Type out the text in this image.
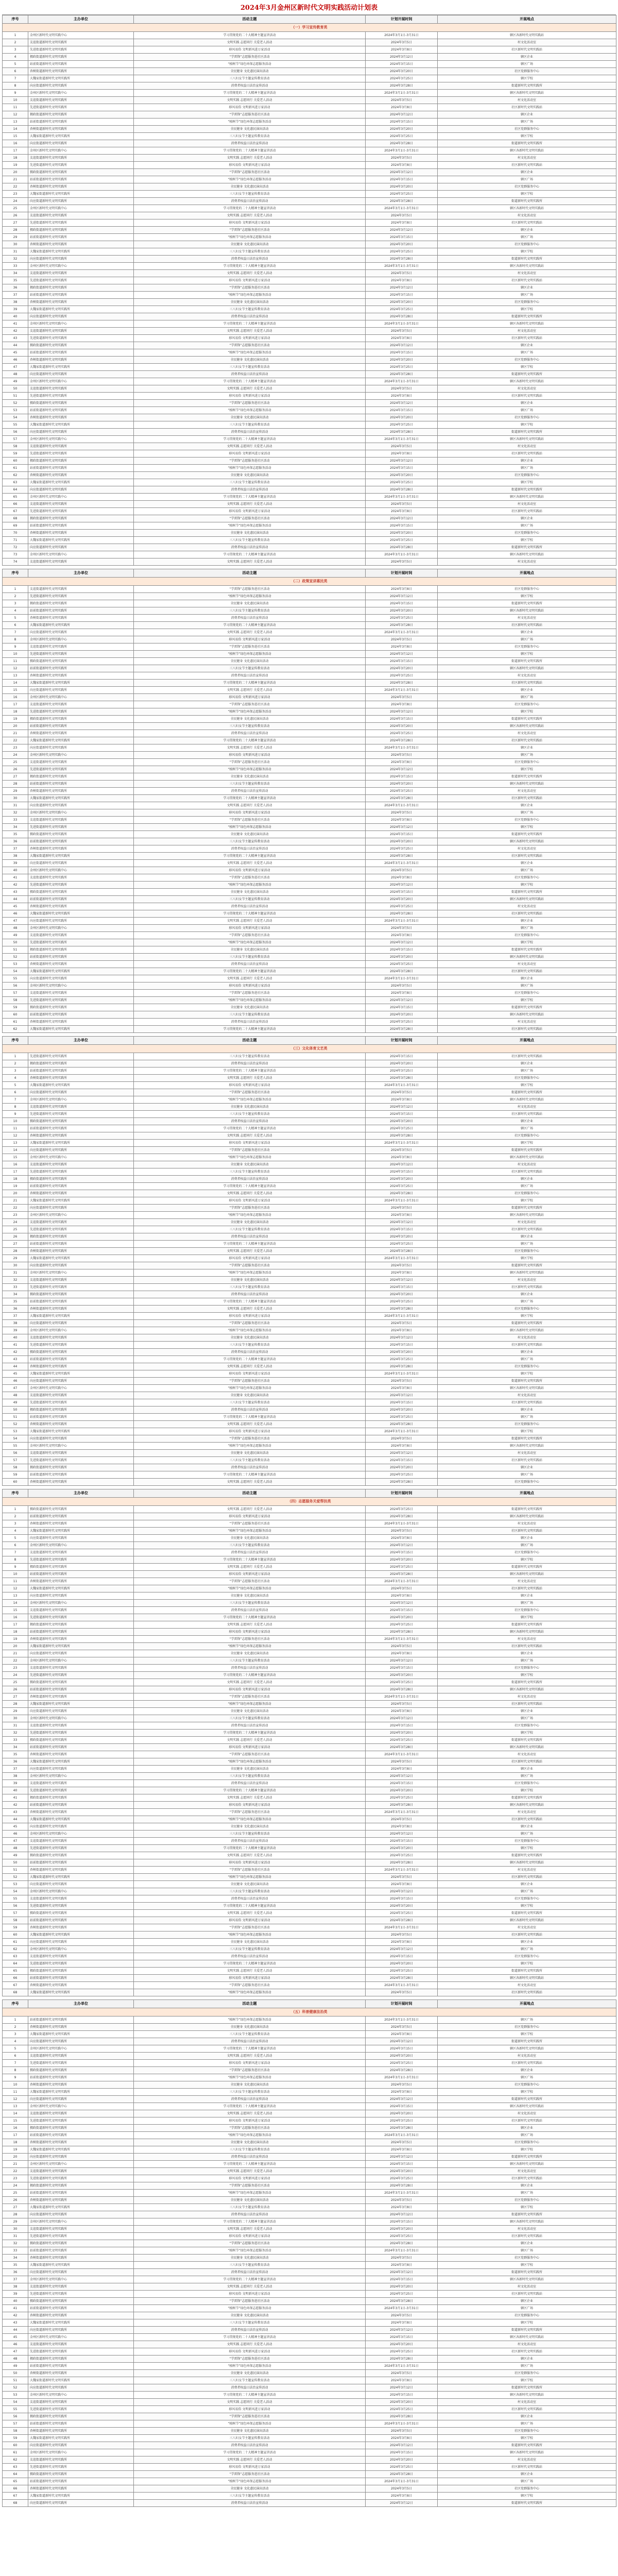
2024年3月金州区新时代文明实践活动计划表
序号	主办单位	活动主题	计划开展时间	开展地点
（一）学习宣传教育类				
1	金州区新时代文明实践中心	学习贯彻党的二十大精神主题宣讲活动	2024年3月1日-3月31日	辖区各新时代文明实践站
2	友谊街道新时代文明实践所	文明实践 志愿同行 关爱老人活动	2024年3月5日	村文化活动室
3	先进街道新时代文明实践所	移风易俗 文明新风进万家活动	2024年3月8日	社区新时代文明实践站
4	拥政街道新时代文明实践所	“学雷锋”志愿服务进社区活动	2024年3月12日	辖区企业
5	站前街道新时代文明实践所	“植树节”绿色环保志愿服务活动	2024年3月15日	辖区广场
6	杏树街道新时代文明实践所	全民健身 文化惠民演出活动	2024年3月20日	社区党群服务中心
7	大魏家街道新时代文明实践所	三八妇女节主题宣传教育活动	2024年3月25日	辖区学校
8	向应街道新时代文明实践所	消费者权益日法治宣传活动	2024年3月28日	街道新时代文明实践所
9	金州区新时代文明实践中心	学习贯彻党的二十大精神主题宣讲活动	2024年3月1日-3月31日	辖区各新时代文明实践站
10	友谊街道新时代文明实践所	文明实践 志愿同行 关爱老人活动	2024年3月5日	村文化活动室
11	先进街道新时代文明实践所	移风易俗 文明新风进万家活动	2024年3月8日	社区新时代文明实践站
12	拥政街道新时代文明实践所	“学雷锋”志愿服务进社区活动	2024年3月12日	辖区企业
13	站前街道新时代文明实践所	“植树节”绿色环保志愿服务活动	2024年3月15日	辖区广场
14	杏树街道新时代文明实践所	全民健身 文化惠民演出活动	2024年3月20日	社区党群服务中心
15	大魏家街道新时代文明实践所	三八妇女节主题宣传教育活动	2024年3月25日	辖区学校
16	向应街道新时代文明实践所	消费者权益日法治宣传活动	2024年3月28日	街道新时代文明实践所
17	金州区新时代文明实践中心	学习贯彻党的二十大精神主题宣讲活动	2024年3月1日-3月31日	辖区各新时代文明实践站
18	友谊街道新时代文明实践所	文明实践 志愿同行 关爱老人活动	2024年3月5日	村文化活动室
19	先进街道新时代文明实践所	移风易俗 文明新风进万家活动	2024年3月8日	社区新时代文明实践站
20	拥政街道新时代文明实践所	“学雷锋”志愿服务进社区活动	2024年3月12日	辖区企业
21	站前街道新时代文明实践所	“植树节”绿色环保志愿服务活动	2024年3月15日	辖区广场
22	杏树街道新时代文明实践所	全民健身 文化惠民演出活动	2024年3月20日	社区党群服务中心
23	大魏家街道新时代文明实践所	三八妇女节主题宣传教育活动	2024年3月25日	辖区学校
24	向应街道新时代文明实践所	消费者权益日法治宣传活动	2024年3月28日	街道新时代文明实践所
25	金州区新时代文明实践中心	学习贯彻党的二十大精神主题宣讲活动	2024年3月1日-3月31日	辖区各新时代文明实践站
26	友谊街道新时代文明实践所	文明实践 志愿同行 关爱老人活动	2024年3月5日	村文化活动室
27	先进街道新时代文明实践所	移风易俗 文明新风进万家活动	2024年3月8日	社区新时代文明实践站
28	拥政街道新时代文明实践所	“学雷锋”志愿服务进社区活动	2024年3月12日	辖区企业
29	站前街道新时代文明实践所	“植树节”绿色环保志愿服务活动	2024年3月15日	辖区广场
30	杏树街道新时代文明实践所	全民健身 文化惠民演出活动	2024年3月20日	社区党群服务中心
31	大魏家街道新时代文明实践所	三八妇女节主题宣传教育活动	2024年3月25日	辖区学校
32	向应街道新时代文明实践所	消费者权益日法治宣传活动	2024年3月28日	街道新时代文明实践所
33	金州区新时代文明实践中心	学习贯彻党的二十大精神主题宣讲活动	2024年3月1日-3月31日	辖区各新时代文明实践站
34	友谊街道新时代文明实践所	文明实践 志愿同行 关爱老人活动	2024年3月5日	村文化活动室
35	先进街道新时代文明实践所	移风易俗 文明新风进万家活动	2024年3月8日	社区新时代文明实践站
36	拥政街道新时代文明实践所	“学雷锋”志愿服务进社区活动	2024年3月12日	辖区企业
37	站前街道新时代文明实践所	“植树节”绿色环保志愿服务活动	2024年3月15日	辖区广场
38	杏树街道新时代文明实践所	全民健身 文化惠民演出活动	2024年3月20日	社区党群服务中心
39	大魏家街道新时代文明实践所	三八妇女节主题宣传教育活动	2024年3月25日	辖区学校
40	向应街道新时代文明实践所	消费者权益日法治宣传活动	2024年3月28日	街道新时代文明实践所
41	金州区新时代文明实践中心	学习贯彻党的二十大精神主题宣讲活动	2024年3月1日-3月31日	辖区各新时代文明实践站
42	友谊街道新时代文明实践所	文明实践 志愿同行 关爱老人活动	2024年3月5日	村文化活动室
43	先进街道新时代文明实践所	移风易俗 文明新风进万家活动	2024年3月8日	社区新时代文明实践站
44	拥政街道新时代文明实践所	“学雷锋”志愿服务进社区活动	2024年3月12日	辖区企业
45	站前街道新时代文明实践所	“植树节”绿色环保志愿服务活动	2024年3月15日	辖区广场
46	杏树街道新时代文明实践所	全民健身 文化惠民演出活动	2024年3月20日	社区党群服务中心
47	大魏家街道新时代文明实践所	三八妇女节主题宣传教育活动	2024年3月25日	辖区学校
48	向应街道新时代文明实践所	消费者权益日法治宣传活动	2024年3月28日	街道新时代文明实践所
49	金州区新时代文明实践中心	学习贯彻党的二十大精神主题宣讲活动	2024年3月1日-3月31日	辖区各新时代文明实践站
50	友谊街道新时代文明实践所	文明实践 志愿同行 关爱老人活动	2024年3月5日	村文化活动室
51	先进街道新时代文明实践所	移风易俗 文明新风进万家活动	2024年3月8日	社区新时代文明实践站
52	拥政街道新时代文明实践所	“学雷锋”志愿服务进社区活动	2024年3月12日	辖区企业
53	站前街道新时代文明实践所	“植树节”绿色环保志愿服务活动	2024年3月15日	辖区广场
54	杏树街道新时代文明实践所	全民健身 文化惠民演出活动	2024年3月20日	社区党群服务中心
55	大魏家街道新时代文明实践所	三八妇女节主题宣传教育活动	2024年3月25日	辖区学校
56	向应街道新时代文明实践所	消费者权益日法治宣传活动	2024年3月28日	街道新时代文明实践所
57	金州区新时代文明实践中心	学习贯彻党的二十大精神主题宣讲活动	2024年3月1日-3月31日	辖区各新时代文明实践站
58	友谊街道新时代文明实践所	文明实践 志愿同行 关爱老人活动	2024年3月5日	村文化活动室
59	先进街道新时代文明实践所	移风易俗 文明新风进万家活动	2024年3月8日	社区新时代文明实践站
60	拥政街道新时代文明实践所	“学雷锋”志愿服务进社区活动	2024年3月12日	辖区企业
61	站前街道新时代文明实践所	“植树节”绿色环保志愿服务活动	2024年3月15日	辖区广场
62	杏树街道新时代文明实践所	全民健身 文化惠民演出活动	2024年3月20日	社区党群服务中心
63	大魏家街道新时代文明实践所	三八妇女节主题宣传教育活动	2024年3月25日	辖区学校
64	向应街道新时代文明实践所	消费者权益日法治宣传活动	2024年3月28日	街道新时代文明实践所
65	金州区新时代文明实践中心	学习贯彻党的二十大精神主题宣讲活动	2024年3月1日-3月31日	辖区各新时代文明实践站
66	友谊街道新时代文明实践所	文明实践 志愿同行 关爱老人活动	2024年3月5日	村文化活动室
67	先进街道新时代文明实践所	移风易俗 文明新风进万家活动	2024年3月8日	社区新时代文明实践站
68	拥政街道新时代文明实践所	“学雷锋”志愿服务进社区活动	2024年3月12日	辖区企业
69	站前街道新时代文明实践所	“植树节”绿色环保志愿服务活动	2024年3月15日	辖区广场
70	杏树街道新时代文明实践所	全民健身 文化惠民演出活动	2024年3月20日	社区党群服务中心
71	大魏家街道新时代文明实践所	三八妇女节主题宣传教育活动	2024年3月25日	辖区学校
72	向应街道新时代文明实践所	消费者权益日法治宣传活动	2024年3月28日	街道新时代文明实践所
73	金州区新时代文明实践中心	学习贯彻党的二十大精神主题宣讲活动	2024年3月1日-3月31日	辖区各新时代文明实践站
74	友谊街道新时代文明实践所	文明实践 志愿同行 关爱老人活动	2024年3月5日	村文化活动室
序号	主办单位	活动主题	计划开展时间	开展地点
（二）政策宣讲惠民类				
1	友谊街道新时代文明实践所	“学雷锋”志愿服务进社区活动	2024年3月8日	社区党群服务中心
2	先进街道新时代文明实践所	“植树节”绿色环保志愿服务活动	2024年3月12日	辖区学校
3	拥政街道新时代文明实践所	全民健身 文化惠民演出活动	2024年3月15日	街道新时代文明实践所
4	站前街道新时代文明实践所	三八妇女节主题宣传教育活动	2024年3月20日	辖区各新时代文明实践站
5	杏树街道新时代文明实践所	消费者权益日法治宣传活动	2024年3月25日	村文化活动室
6	大魏家街道新时代文明实践所	学习贯彻党的二十大精神主题宣讲活动	2024年3月28日	社区新时代文明实践站
7	向应街道新时代文明实践所	文明实践 志愿同行 关爱老人活动	2024年3月1日-3月31日	辖区企业
8	金州区新时代文明实践中心	移风易俗 文明新风进万家活动	2024年3月5日	辖区广场
9	友谊街道新时代文明实践所	“学雷锋”志愿服务进社区活动	2024年3月8日	社区党群服务中心
10	先进街道新时代文明实践所	“植树节”绿色环保志愿服务活动	2024年3月12日	辖区学校
11	拥政街道新时代文明实践所	全民健身 文化惠民演出活动	2024年3月15日	街道新时代文明实践所
12	站前街道新时代文明实践所	三八妇女节主题宣传教育活动	2024年3月20日	辖区各新时代文明实践站
13	杏树街道新时代文明实践所	消费者权益日法治宣传活动	2024年3月25日	村文化活动室
14	大魏家街道新时代文明实践所	学习贯彻党的二十大精神主题宣讲活动	2024年3月28日	社区新时代文明实践站
15	向应街道新时代文明实践所	文明实践 志愿同行 关爱老人活动	2024年3月1日-3月31日	辖区企业
16	金州区新时代文明实践中心	移风易俗 文明新风进万家活动	2024年3月5日	辖区广场
17	友谊街道新时代文明实践所	“学雷锋”志愿服务进社区活动	2024年3月8日	社区党群服务中心
18	先进街道新时代文明实践所	“植树节”绿色环保志愿服务活动	2024年3月12日	辖区学校
19	拥政街道新时代文明实践所	全民健身 文化惠民演出活动	2024年3月15日	街道新时代文明实践所
20	站前街道新时代文明实践所	三八妇女节主题宣传教育活动	2024年3月20日	辖区各新时代文明实践站
21	杏树街道新时代文明实践所	消费者权益日法治宣传活动	2024年3月25日	村文化活动室
22	大魏家街道新时代文明实践所	学习贯彻党的二十大精神主题宣讲活动	2024年3月28日	社区新时代文明实践站
23	向应街道新时代文明实践所	文明实践 志愿同行 关爱老人活动	2024年3月1日-3月31日	辖区企业
24	金州区新时代文明实践中心	移风易俗 文明新风进万家活动	2024年3月5日	辖区广场
25	友谊街道新时代文明实践所	“学雷锋”志愿服务进社区活动	2024年3月8日	社区党群服务中心
26	先进街道新时代文明实践所	“植树节”绿色环保志愿服务活动	2024年3月12日	辖区学校
27	拥政街道新时代文明实践所	全民健身 文化惠民演出活动	2024年3月15日	街道新时代文明实践所
28	站前街道新时代文明实践所	三八妇女节主题宣传教育活动	2024年3月20日	辖区各新时代文明实践站
29	杏树街道新时代文明实践所	消费者权益日法治宣传活动	2024年3月25日	村文化活动室
30	大魏家街道新时代文明实践所	学习贯彻党的二十大精神主题宣讲活动	2024年3月28日	社区新时代文明实践站
31	向应街道新时代文明实践所	文明实践 志愿同行 关爱老人活动	2024年3月1日-3月31日	辖区企业
32	金州区新时代文明实践中心	移风易俗 文明新风进万家活动	2024年3月5日	辖区广场
33	友谊街道新时代文明实践所	“学雷锋”志愿服务进社区活动	2024年3月8日	社区党群服务中心
34	先进街道新时代文明实践所	“植树节”绿色环保志愿服务活动	2024年3月12日	辖区学校
35	拥政街道新时代文明实践所	全民健身 文化惠民演出活动	2024年3月15日	街道新时代文明实践所
36	站前街道新时代文明实践所	三八妇女节主题宣传教育活动	2024年3月20日	辖区各新时代文明实践站
37	杏树街道新时代文明实践所	消费者权益日法治宣传活动	2024年3月25日	村文化活动室
38	大魏家街道新时代文明实践所	学习贯彻党的二十大精神主题宣讲活动	2024年3月28日	社区新时代文明实践站
39	向应街道新时代文明实践所	文明实践 志愿同行 关爱老人活动	2024年3月1日-3月31日	辖区企业
40	金州区新时代文明实践中心	移风易俗 文明新风进万家活动	2024年3月5日	辖区广场
41	友谊街道新时代文明实践所	“学雷锋”志愿服务进社区活动	2024年3月8日	社区党群服务中心
42	先进街道新时代文明实践所	“植树节”绿色环保志愿服务活动	2024年3月12日	辖区学校
43	拥政街道新时代文明实践所	全民健身 文化惠民演出活动	2024年3月15日	街道新时代文明实践所
44	站前街道新时代文明实践所	三八妇女节主题宣传教育活动	2024年3月20日	辖区各新时代文明实践站
45	杏树街道新时代文明实践所	消费者权益日法治宣传活动	2024年3月25日	村文化活动室
46	大魏家街道新时代文明实践所	学习贯彻党的二十大精神主题宣讲活动	2024年3月28日	社区新时代文明实践站
47	向应街道新时代文明实践所	文明实践 志愿同行 关爱老人活动	2024年3月1日-3月31日	辖区企业
48	金州区新时代文明实践中心	移风易俗 文明新风进万家活动	2024年3月5日	辖区广场
49	友谊街道新时代文明实践所	“学雷锋”志愿服务进社区活动	2024年3月8日	社区党群服务中心
50	先进街道新时代文明实践所	“植树节”绿色环保志愿服务活动	2024年3月12日	辖区学校
51	拥政街道新时代文明实践所	全民健身 文化惠民演出活动	2024年3月15日	街道新时代文明实践所
52	站前街道新时代文明实践所	三八妇女节主题宣传教育活动	2024年3月20日	辖区各新时代文明实践站
53	杏树街道新时代文明实践所	消费者权益日法治宣传活动	2024年3月25日	村文化活动室
54	大魏家街道新时代文明实践所	学习贯彻党的二十大精神主题宣讲活动	2024年3月28日	社区新时代文明实践站
55	向应街道新时代文明实践所	文明实践 志愿同行 关爱老人活动	2024年3月1日-3月31日	辖区企业
56	金州区新时代文明实践中心	移风易俗 文明新风进万家活动	2024年3月5日	辖区广场
57	友谊街道新时代文明实践所	“学雷锋”志愿服务进社区活动	2024年3月8日	社区党群服务中心
58	先进街道新时代文明实践所	“植树节”绿色环保志愿服务活动	2024年3月12日	辖区学校
59	拥政街道新时代文明实践所	全民健身 文化惠民演出活动	2024年3月15日	街道新时代文明实践所
60	站前街道新时代文明实践所	三八妇女节主题宣传教育活动	2024年3月20日	辖区各新时代文明实践站
61	杏树街道新时代文明实践所	消费者权益日法治宣传活动	2024年3月25日	村文化活动室
62	大魏家街道新时代文明实践所	学习贯彻党的二十大精神主题宣讲活动	2024年3月28日	社区新时代文明实践站
序号	主办单位	活动主题	计划开展时间	开展地点
（三）文化体育文艺类				
1	先进街道新时代文明实践所	三八妇女节主题宣传教育活动	2024年3月15日	社区新时代文明实践站
2	拥政街道新时代文明实践所	消费者权益日法治宣传活动	2024年3月20日	辖区企业
3	站前街道新时代文明实践所	学习贯彻党的二十大精神主题宣讲活动	2024年3月25日	辖区广场
4	杏树街道新时代文明实践所	文明实践 志愿同行 关爱老人活动	2024年3月28日	社区党群服务中心
5	大魏家街道新时代文明实践所	移风易俗 文明新风进万家活动	2024年3月1日-3月31日	辖区学校
6	向应街道新时代文明实践所	“学雷锋”志愿服务进社区活动	2024年3月5日	街道新时代文明实践所
7	金州区新时代文明实践中心	“植树节”绿色环保志愿服务活动	2024年3月8日	辖区各新时代文明实践站
8	友谊街道新时代文明实践所	全民健身 文化惠民演出活动	2024年3月12日	村文化活动室
9	先进街道新时代文明实践所	三八妇女节主题宣传教育活动	2024年3月15日	社区新时代文明实践站
10	拥政街道新时代文明实践所	消费者权益日法治宣传活动	2024年3月20日	辖区企业
11	站前街道新时代文明实践所	学习贯彻党的二十大精神主题宣讲活动	2024年3月25日	辖区广场
12	杏树街道新时代文明实践所	文明实践 志愿同行 关爱老人活动	2024年3月28日	社区党群服务中心
13	大魏家街道新时代文明实践所	移风易俗 文明新风进万家活动	2024年3月1日-3月31日	辖区学校
14	向应街道新时代文明实践所	“学雷锋”志愿服务进社区活动	2024年3月5日	街道新时代文明实践所
15	金州区新时代文明实践中心	“植树节”绿色环保志愿服务活动	2024年3月8日	辖区各新时代文明实践站
16	友谊街道新时代文明实践所	全民健身 文化惠民演出活动	2024年3月12日	村文化活动室
17	先进街道新时代文明实践所	三八妇女节主题宣传教育活动	2024年3月15日	社区新时代文明实践站
18	拥政街道新时代文明实践所	消费者权益日法治宣传活动	2024年3月20日	辖区企业
19	站前街道新时代文明实践所	学习贯彻党的二十大精神主题宣讲活动	2024年3月25日	辖区广场
20	杏树街道新时代文明实践所	文明实践 志愿同行 关爱老人活动	2024年3月28日	社区党群服务中心
21	大魏家街道新时代文明实践所	移风易俗 文明新风进万家活动	2024年3月1日-3月31日	辖区学校
22	向应街道新时代文明实践所	“学雷锋”志愿服务进社区活动	2024年3月5日	街道新时代文明实践所
23	金州区新时代文明实践中心	“植树节”绿色环保志愿服务活动	2024年3月8日	辖区各新时代文明实践站
24	友谊街道新时代文明实践所	全民健身 文化惠民演出活动	2024年3月12日	村文化活动室
25	先进街道新时代文明实践所	三八妇女节主题宣传教育活动	2024年3月15日	社区新时代文明实践站
26	拥政街道新时代文明实践所	消费者权益日法治宣传活动	2024年3月20日	辖区企业
27	站前街道新时代文明实践所	学习贯彻党的二十大精神主题宣讲活动	2024年3月25日	辖区广场
28	杏树街道新时代文明实践所	文明实践 志愿同行 关爱老人活动	2024年3月28日	社区党群服务中心
29	大魏家街道新时代文明实践所	移风易俗 文明新风进万家活动	2024年3月1日-3月31日	辖区学校
30	向应街道新时代文明实践所	“学雷锋”志愿服务进社区活动	2024年3月5日	街道新时代文明实践所
31	金州区新时代文明实践中心	“植树节”绿色环保志愿服务活动	2024年3月8日	辖区各新时代文明实践站
32	友谊街道新时代文明实践所	全民健身 文化惠民演出活动	2024年3月12日	村文化活动室
33	先进街道新时代文明实践所	三八妇女节主题宣传教育活动	2024年3月15日	社区新时代文明实践站
34	拥政街道新时代文明实践所	消费者权益日法治宣传活动	2024年3月20日	辖区企业
35	站前街道新时代文明实践所	学习贯彻党的二十大精神主题宣讲活动	2024年3月25日	辖区广场
36	杏树街道新时代文明实践所	文明实践 志愿同行 关爱老人活动	2024年3月28日	社区党群服务中心
37	大魏家街道新时代文明实践所	移风易俗 文明新风进万家活动	2024年3月1日-3月31日	辖区学校
38	向应街道新时代文明实践所	“学雷锋”志愿服务进社区活动	2024年3月5日	街道新时代文明实践所
39	金州区新时代文明实践中心	“植树节”绿色环保志愿服务活动	2024年3月8日	辖区各新时代文明实践站
40	友谊街道新时代文明实践所	全民健身 文化惠民演出活动	2024年3月12日	村文化活动室
41	先进街道新时代文明实践所	三八妇女节主题宣传教育活动	2024年3月15日	社区新时代文明实践站
42	拥政街道新时代文明实践所	消费者权益日法治宣传活动	2024年3月20日	辖区企业
43	站前街道新时代文明实践所	学习贯彻党的二十大精神主题宣讲活动	2024年3月25日	辖区广场
44	杏树街道新时代文明实践所	文明实践 志愿同行 关爱老人活动	2024年3月28日	社区党群服务中心
45	大魏家街道新时代文明实践所	移风易俗 文明新风进万家活动	2024年3月1日-3月31日	辖区学校
46	向应街道新时代文明实践所	“学雷锋”志愿服务进社区活动	2024年3月5日	街道新时代文明实践所
47	金州区新时代文明实践中心	“植树节”绿色环保志愿服务活动	2024年3月8日	辖区各新时代文明实践站
48	友谊街道新时代文明实践所	全民健身 文化惠民演出活动	2024年3月12日	村文化活动室
49	先进街道新时代文明实践所	三八妇女节主题宣传教育活动	2024年3月15日	社区新时代文明实践站
50	拥政街道新时代文明实践所	消费者权益日法治宣传活动	2024年3月20日	辖区企业
51	站前街道新时代文明实践所	学习贯彻党的二十大精神主题宣讲活动	2024年3月25日	辖区广场
52	杏树街道新时代文明实践所	文明实践 志愿同行 关爱老人活动	2024年3月28日	社区党群服务中心
53	大魏家街道新时代文明实践所	移风易俗 文明新风进万家活动	2024年3月1日-3月31日	辖区学校
54	向应街道新时代文明实践所	“学雷锋”志愿服务进社区活动	2024年3月5日	街道新时代文明实践所
55	金州区新时代文明实践中心	“植树节”绿色环保志愿服务活动	2024年3月8日	辖区各新时代文明实践站
56	友谊街道新时代文明实践所	全民健身 文化惠民演出活动	2024年3月12日	村文化活动室
57	先进街道新时代文明实践所	三八妇女节主题宣传教育活动	2024年3月15日	社区新时代文明实践站
58	拥政街道新时代文明实践所	消费者权益日法治宣传活动	2024年3月20日	辖区企业
59	站前街道新时代文明实践所	学习贯彻党的二十大精神主题宣讲活动	2024年3月25日	辖区广场
60	杏树街道新时代文明实践所	文明实践 志愿同行 关爱老人活动	2024年3月28日	社区党群服务中心
序号	主办单位	活动主题	计划开展时间	开展地点
（四）志愿服务关爱帮扶类				
1	拥政街道新时代文明实践所	文明实践 志愿同行 关爱老人活动	2024年3月25日	街道新时代文明实践所
2	站前街道新时代文明实践所	移风易俗 文明新风进万家活动	2024年3月28日	辖区各新时代文明实践站
3	杏树街道新时代文明实践所	“学雷锋”志愿服务进社区活动	2024年3月1日-3月31日	村文化活动室
4	大魏家街道新时代文明实践所	“植树节”绿色环保志愿服务活动	2024年3月5日	社区新时代文明实践站
5	向应街道新时代文明实践所	全民健身 文化惠民演出活动	2024年3月8日	辖区企业
6	金州区新时代文明实践中心	三八妇女节主题宣传教育活动	2024年3月12日	辖区广场
7	友谊街道新时代文明实践所	消费者权益日法治宣传活动	2024年3月15日	社区党群服务中心
8	先进街道新时代文明实践所	学习贯彻党的二十大精神主题宣讲活动	2024年3月20日	辖区学校
9	拥政街道新时代文明实践所	文明实践 志愿同行 关爱老人活动	2024年3月25日	街道新时代文明实践所
10	站前街道新时代文明实践所	移风易俗 文明新风进万家活动	2024年3月28日	辖区各新时代文明实践站
11	杏树街道新时代文明实践所	“学雷锋”志愿服务进社区活动	2024年3月1日-3月31日	村文化活动室
12	大魏家街道新时代文明实践所	“植树节”绿色环保志愿服务活动	2024年3月5日	社区新时代文明实践站
13	向应街道新时代文明实践所	全民健身 文化惠民演出活动	2024年3月8日	辖区企业
14	金州区新时代文明实践中心	三八妇女节主题宣传教育活动	2024年3月12日	辖区广场
15	友谊街道新时代文明实践所	消费者权益日法治宣传活动	2024年3月15日	社区党群服务中心
16	先进街道新时代文明实践所	学习贯彻党的二十大精神主题宣讲活动	2024年3月20日	辖区学校
17	拥政街道新时代文明实践所	文明实践 志愿同行 关爱老人活动	2024年3月25日	街道新时代文明实践所
18	站前街道新时代文明实践所	移风易俗 文明新风进万家活动	2024年3月28日	辖区各新时代文明实践站
19	杏树街道新时代文明实践所	“学雷锋”志愿服务进社区活动	2024年3月1日-3月31日	村文化活动室
20	大魏家街道新时代文明实践所	“植树节”绿色环保志愿服务活动	2024年3月5日	社区新时代文明实践站
21	向应街道新时代文明实践所	全民健身 文化惠民演出活动	2024年3月8日	辖区企业
22	金州区新时代文明实践中心	三八妇女节主题宣传教育活动	2024年3月12日	辖区广场
23	友谊街道新时代文明实践所	消费者权益日法治宣传活动	2024年3月15日	社区党群服务中心
24	先进街道新时代文明实践所	学习贯彻党的二十大精神主题宣讲活动	2024年3月20日	辖区学校
25	拥政街道新时代文明实践所	文明实践 志愿同行 关爱老人活动	2024年3月25日	街道新时代文明实践所
26	站前街道新时代文明实践所	移风易俗 文明新风进万家活动	2024年3月28日	辖区各新时代文明实践站
27	杏树街道新时代文明实践所	“学雷锋”志愿服务进社区活动	2024年3月1日-3月31日	村文化活动室
28	大魏家街道新时代文明实践所	“植树节”绿色环保志愿服务活动	2024年3月5日	社区新时代文明实践站
29	向应街道新时代文明实践所	全民健身 文化惠民演出活动	2024年3月8日	辖区企业
30	金州区新时代文明实践中心	三八妇女节主题宣传教育活动	2024年3月12日	辖区广场
31	友谊街道新时代文明实践所	消费者权益日法治宣传活动	2024年3月15日	社区党群服务中心
32	先进街道新时代文明实践所	学习贯彻党的二十大精神主题宣讲活动	2024年3月20日	辖区学校
33	拥政街道新时代文明实践所	文明实践 志愿同行 关爱老人活动	2024年3月25日	街道新时代文明实践所
34	站前街道新时代文明实践所	移风易俗 文明新风进万家活动	2024年3月28日	辖区各新时代文明实践站
35	杏树街道新时代文明实践所	“学雷锋”志愿服务进社区活动	2024年3月1日-3月31日	村文化活动室
36	大魏家街道新时代文明实践所	“植树节”绿色环保志愿服务活动	2024年3月5日	社区新时代文明实践站
37	向应街道新时代文明实践所	全民健身 文化惠民演出活动	2024年3月8日	辖区企业
38	金州区新时代文明实践中心	三八妇女节主题宣传教育活动	2024年3月12日	辖区广场
39	友谊街道新时代文明实践所	消费者权益日法治宣传活动	2024年3月15日	社区党群服务中心
40	先进街道新时代文明实践所	学习贯彻党的二十大精神主题宣讲活动	2024年3月20日	辖区学校
41	拥政街道新时代文明实践所	文明实践 志愿同行 关爱老人活动	2024年3月25日	街道新时代文明实践所
42	站前街道新时代文明实践所	移风易俗 文明新风进万家活动	2024年3月28日	辖区各新时代文明实践站
43	杏树街道新时代文明实践所	“学雷锋”志愿服务进社区活动	2024年3月1日-3月31日	村文化活动室
44	大魏家街道新时代文明实践所	“植树节”绿色环保志愿服务活动	2024年3月5日	社区新时代文明实践站
45	向应街道新时代文明实践所	全民健身 文化惠民演出活动	2024年3月8日	辖区企业
46	金州区新时代文明实践中心	三八妇女节主题宣传教育活动	2024年3月12日	辖区广场
47	友谊街道新时代文明实践所	消费者权益日法治宣传活动	2024年3月15日	社区党群服务中心
48	先进街道新时代文明实践所	学习贯彻党的二十大精神主题宣讲活动	2024年3月20日	辖区学校
49	拥政街道新时代文明实践所	文明实践 志愿同行 关爱老人活动	2024年3月25日	街道新时代文明实践所
50	站前街道新时代文明实践所	移风易俗 文明新风进万家活动	2024年3月28日	辖区各新时代文明实践站
51	杏树街道新时代文明实践所	“学雷锋”志愿服务进社区活动	2024年3月1日-3月31日	村文化活动室
52	大魏家街道新时代文明实践所	“植树节”绿色环保志愿服务活动	2024年3月5日	社区新时代文明实践站
53	向应街道新时代文明实践所	全民健身 文化惠民演出活动	2024年3月8日	辖区企业
54	金州区新时代文明实践中心	三八妇女节主题宣传教育活动	2024年3月12日	辖区广场
55	友谊街道新时代文明实践所	消费者权益日法治宣传活动	2024年3月15日	社区党群服务中心
56	先进街道新时代文明实践所	学习贯彻党的二十大精神主题宣讲活动	2024年3月20日	辖区学校
57	拥政街道新时代文明实践所	文明实践 志愿同行 关爱老人活动	2024年3月25日	街道新时代文明实践所
58	站前街道新时代文明实践所	移风易俗 文明新风进万家活动	2024年3月28日	辖区各新时代文明实践站
59	杏树街道新时代文明实践所	“学雷锋”志愿服务进社区活动	2024年3月1日-3月31日	村文化活动室
60	大魏家街道新时代文明实践所	“植树节”绿色环保志愿服务活动	2024年3月5日	社区新时代文明实践站
61	向应街道新时代文明实践所	全民健身 文化惠民演出活动	2024年3月8日	辖区企业
62	金州区新时代文明实践中心	三八妇女节主题宣传教育活动	2024年3月12日	辖区广场
63	友谊街道新时代文明实践所	消费者权益日法治宣传活动	2024年3月15日	社区党群服务中心
64	先进街道新时代文明实践所	学习贯彻党的二十大精神主题宣讲活动	2024年3月20日	辖区学校
65	拥政街道新时代文明实践所	文明实践 志愿同行 关爱老人活动	2024年3月25日	街道新时代文明实践所
66	站前街道新时代文明实践所	移风易俗 文明新风进万家活动	2024年3月28日	辖区各新时代文明实践站
67	杏树街道新时代文明实践所	“学雷锋”志愿服务进社区活动	2024年3月1日-3月31日	村文化活动室
68	大魏家街道新时代文明实践所	“植树节”绿色环保志愿服务活动	2024年3月5日	社区新时代文明实践站
序号	主办单位	活动主题	计划开展时间	开展地点
（五）科普健康法治类				
1	站前街道新时代文明实践所	“植树节”绿色环保志愿服务活动	2024年3月1日-3月31日	辖区广场
2	杏树街道新时代文明实践所	全民健身 文化惠民演出活动	2024年3月5日	社区党群服务中心
3	大魏家街道新时代文明实践所	三八妇女节主题宣传教育活动	2024年3月8日	辖区学校
4	向应街道新时代文明实践所	消费者权益日法治宣传活动	2024年3月12日	街道新时代文明实践所
5	金州区新时代文明实践中心	学习贯彻党的二十大精神主题宣讲活动	2024年3月15日	辖区各新时代文明实践站
6	友谊街道新时代文明实践所	文明实践 志愿同行 关爱老人活动	2024年3月20日	村文化活动室
7	先进街道新时代文明实践所	移风易俗 文明新风进万家活动	2024年3月25日	社区新时代文明实践站
8	拥政街道新时代文明实践所	“学雷锋”志愿服务进社区活动	2024年3月28日	辖区企业
9	站前街道新时代文明实践所	“植树节”绿色环保志愿服务活动	2024年3月1日-3月31日	辖区广场
10	杏树街道新时代文明实践所	全民健身 文化惠民演出活动	2024年3月5日	社区党群服务中心
11	大魏家街道新时代文明实践所	三八妇女节主题宣传教育活动	2024年3月8日	辖区学校
12	向应街道新时代文明实践所	消费者权益日法治宣传活动	2024年3月12日	街道新时代文明实践所
13	金州区新时代文明实践中心	学习贯彻党的二十大精神主题宣讲活动	2024年3月15日	辖区各新时代文明实践站
14	友谊街道新时代文明实践所	文明实践 志愿同行 关爱老人活动	2024年3月20日	村文化活动室
15	先进街道新时代文明实践所	移风易俗 文明新风进万家活动	2024年3月25日	社区新时代文明实践站
16	拥政街道新时代文明实践所	“学雷锋”志愿服务进社区活动	2024年3月28日	辖区企业
17	站前街道新时代文明实践所	“植树节”绿色环保志愿服务活动	2024年3月1日-3月31日	辖区广场
18	杏树街道新时代文明实践所	全民健身 文化惠民演出活动	2024年3月5日	社区党群服务中心
19	大魏家街道新时代文明实践所	三八妇女节主题宣传教育活动	2024年3月8日	辖区学校
20	向应街道新时代文明实践所	消费者权益日法治宣传活动	2024年3月12日	街道新时代文明实践所
21	金州区新时代文明实践中心	学习贯彻党的二十大精神主题宣讲活动	2024年3月15日	辖区各新时代文明实践站
22	友谊街道新时代文明实践所	文明实践 志愿同行 关爱老人活动	2024年3月20日	村文化活动室
23	先进街道新时代文明实践所	移风易俗 文明新风进万家活动	2024年3月25日	社区新时代文明实践站
24	拥政街道新时代文明实践所	“学雷锋”志愿服务进社区活动	2024年3月28日	辖区企业
25	站前街道新时代文明实践所	“植树节”绿色环保志愿服务活动	2024年3月1日-3月31日	辖区广场
26	杏树街道新时代文明实践所	全民健身 文化惠民演出活动	2024年3月5日	社区党群服务中心
27	大魏家街道新时代文明实践所	三八妇女节主题宣传教育活动	2024年3月8日	辖区学校
28	向应街道新时代文明实践所	消费者权益日法治宣传活动	2024年3月12日	街道新时代文明实践所
29	金州区新时代文明实践中心	学习贯彻党的二十大精神主题宣讲活动	2024年3月15日	辖区各新时代文明实践站
30	友谊街道新时代文明实践所	文明实践 志愿同行 关爱老人活动	2024年3月20日	村文化活动室
31	先进街道新时代文明实践所	移风易俗 文明新风进万家活动	2024年3月25日	社区新时代文明实践站
32	拥政街道新时代文明实践所	“学雷锋”志愿服务进社区活动	2024年3月28日	辖区企业
33	站前街道新时代文明实践所	“植树节”绿色环保志愿服务活动	2024年3月1日-3月31日	辖区广场
34	杏树街道新时代文明实践所	全民健身 文化惠民演出活动	2024年3月5日	社区党群服务中心
35	大魏家街道新时代文明实践所	三八妇女节主题宣传教育活动	2024年3月8日	辖区学校
36	向应街道新时代文明实践所	消费者权益日法治宣传活动	2024年3月12日	街道新时代文明实践所
37	金州区新时代文明实践中心	学习贯彻党的二十大精神主题宣讲活动	2024年3月15日	辖区各新时代文明实践站
38	友谊街道新时代文明实践所	文明实践 志愿同行 关爱老人活动	2024年3月20日	村文化活动室
39	先进街道新时代文明实践所	移风易俗 文明新风进万家活动	2024年3月25日	社区新时代文明实践站
40	拥政街道新时代文明实践所	“学雷锋”志愿服务进社区活动	2024年3月28日	辖区企业
41	站前街道新时代文明实践所	“植树节”绿色环保志愿服务活动	2024年3月1日-3月31日	辖区广场
42	杏树街道新时代文明实践所	全民健身 文化惠民演出活动	2024年3月5日	社区党群服务中心
43	大魏家街道新时代文明实践所	三八妇女节主题宣传教育活动	2024年3月8日	辖区学校
44	向应街道新时代文明实践所	消费者权益日法治宣传活动	2024年3月12日	街道新时代文明实践所
45	金州区新时代文明实践中心	学习贯彻党的二十大精神主题宣讲活动	2024年3月15日	辖区各新时代文明实践站
46	友谊街道新时代文明实践所	文明实践 志愿同行 关爱老人活动	2024年3月20日	村文化活动室
47	先进街道新时代文明实践所	移风易俗 文明新风进万家活动	2024年3月25日	社区新时代文明实践站
48	拥政街道新时代文明实践所	“学雷锋”志愿服务进社区活动	2024年3月28日	辖区企业
49	站前街道新时代文明实践所	“植树节”绿色环保志愿服务活动	2024年3月1日-3月31日	辖区广场
50	杏树街道新时代文明实践所	全民健身 文化惠民演出活动	2024年3月5日	社区党群服务中心
51	大魏家街道新时代文明实践所	三八妇女节主题宣传教育活动	2024年3月8日	辖区学校
52	向应街道新时代文明实践所	消费者权益日法治宣传活动	2024年3月12日	街道新时代文明实践所
53	金州区新时代文明实践中心	学习贯彻党的二十大精神主题宣讲活动	2024年3月15日	辖区各新时代文明实践站
54	友谊街道新时代文明实践所	文明实践 志愿同行 关爱老人活动	2024年3月20日	村文化活动室
55	先进街道新时代文明实践所	移风易俗 文明新风进万家活动	2024年3月25日	社区新时代文明实践站
56	拥政街道新时代文明实践所	“学雷锋”志愿服务进社区活动	2024年3月28日	辖区企业
57	站前街道新时代文明实践所	“植树节”绿色环保志愿服务活动	2024年3月1日-3月31日	辖区广场
58	杏树街道新时代文明实践所	全民健身 文化惠民演出活动	2024年3月5日	社区党群服务中心
59	大魏家街道新时代文明实践所	三八妇女节主题宣传教育活动	2024年3月8日	辖区学校
60	向应街道新时代文明实践所	消费者权益日法治宣传活动	2024年3月12日	街道新时代文明实践所
61	金州区新时代文明实践中心	学习贯彻党的二十大精神主题宣讲活动	2024年3月15日	辖区各新时代文明实践站
62	友谊街道新时代文明实践所	文明实践 志愿同行 关爱老人活动	2024年3月20日	村文化活动室
63	先进街道新时代文明实践所	移风易俗 文明新风进万家活动	2024年3月25日	社区新时代文明实践站
64	拥政街道新时代文明实践所	“学雷锋”志愿服务进社区活动	2024年3月28日	辖区企业
65	站前街道新时代文明实践所	“植树节”绿色环保志愿服务活动	2024年3月1日-3月31日	辖区广场
66	杏树街道新时代文明实践所	全民健身 文化惠民演出活动	2024年3月5日	社区党群服务中心
67	大魏家街道新时代文明实践所	三八妇女节主题宣传教育活动	2024年3月8日	辖区学校
68	向应街道新时代文明实践所	消费者权益日法治宣传活动	2024年3月12日	街道新时代文明实践所
